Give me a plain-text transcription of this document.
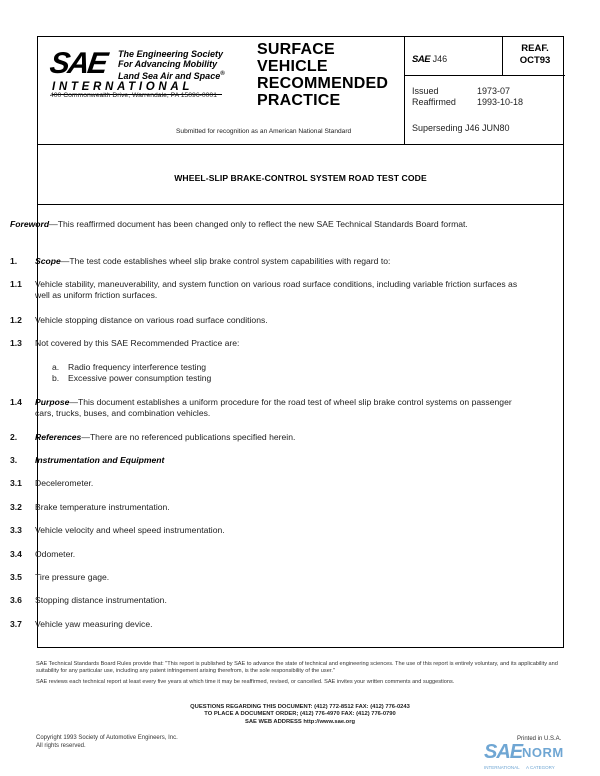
SAE The Engineering Society
For Advancing Mobility
Land Sea Air and Space®
INTERNATIONAL
400 Commonwealth Drive, Warrendale, PA 15096-0001
SURFACE
VEHICLE
RECOMMENDED
PRACTICE
Submitted for recognition as an American National Standard
SAE J46
REAF.
OCT93
Issued	1973-07
Reaffirmed	1993-10-18
Superseding J46 JUN80
WHEEL-SLIP BRAKE-CONTROL SYSTEM ROAD TEST CODE
Foreword—This reaffirmed document has been changed only to reflect the new SAE Technical Standards Board format.
1. Scope—The test code establishes wheel slip brake control system capabilities with regard to:
1.1 Vehicle stability, maneuverability, and system function on various road surface conditions, including variable friction surfaces as well as uniform friction surfaces.
1.2 Vehicle stopping distance on various road surface conditions.
1.3 Not covered by this SAE Recommended Practice are:
a. Radio frequency interference testing
b. Excessive power consumption testing
1.4 Purpose—This document establishes a uniform procedure for the road test of wheel slip brake control systems on passenger cars, trucks, buses, and combination vehicles.
2. References—There are no referenced publications specified herein.
3. Instrumentation and Equipment
3.1 Decelerometer.
3.2 Brake temperature instrumentation.
3.3 Vehicle velocity and wheel speed instrumentation.
3.4 Odometer.
3.5 Tire pressure gage.
3.6 Stopping distance instrumentation.
3.7 Vehicle yaw measuring device.
SAE Technical Standards Board Rules provide that: "This report is published by SAE to advance the state of technical and engineering sciences. The use of this report is entirely voluntary, and its applicability and suitability for any particular use, including any patent infringement arising therefrom, is the sole responsibility of the user."
SAE reviews each technical report at least every five years at which time it may be reaffirmed, revised, or cancelled. SAE invites your written comments and suggestions.
QUESTIONS REGARDING THIS DOCUMENT: (412) 772-8512 FAX: (412) 776-0243
TO PLACE A DOCUMENT ORDER; (412) 776-4970 FAX: (412) 776-0790
SAE WEB ADDRESS http://www.sae.org
Copyright 1993 Society of Automotive Engineers, Inc.
All rights reserved.
Printed in U.S.A.
SAE NORM
INTERNATIONAL A CATEGORY
